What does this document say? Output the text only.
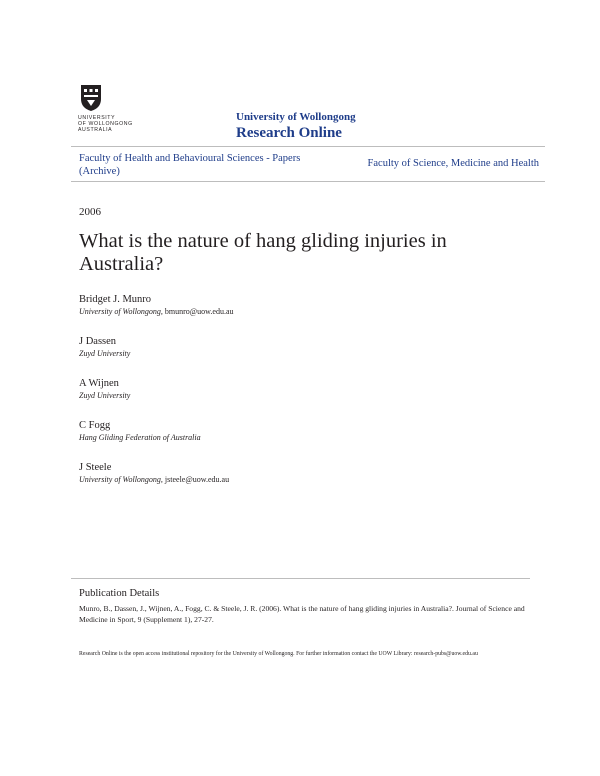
UNIVERSITY
OF WOLLONGONG
AUSTRALIA
University of Wollongong
Research Online
Faculty of Health and Behavioural Sciences - Papers (Archive)
Faculty of Science, Medicine and Health
2006
What is the nature of hang gliding injuries in Australia?
Bridget J. Munro
University of Wollongong, bmunro@uow.edu.au
J Dassen
Zuyd University
A Wijnen
Zuyd University
C Fogg
Hang Gliding Federation of Australia
J Steele
University of Wollongong, jsteele@uow.edu.au
Publication Details
Munro, B., Dassen, J., Wijnen, A., Fogg, C. & Steele, J. R. (2006). What is the nature of hang gliding injuries in Australia?. Journal of Science and Medicine in Sport, 9 (Supplement 1), 27-27.
Research Online is the open access institutional repository for the University of Wollongong. For further information contact the UOW Library: research-pubs@uow.edu.au
